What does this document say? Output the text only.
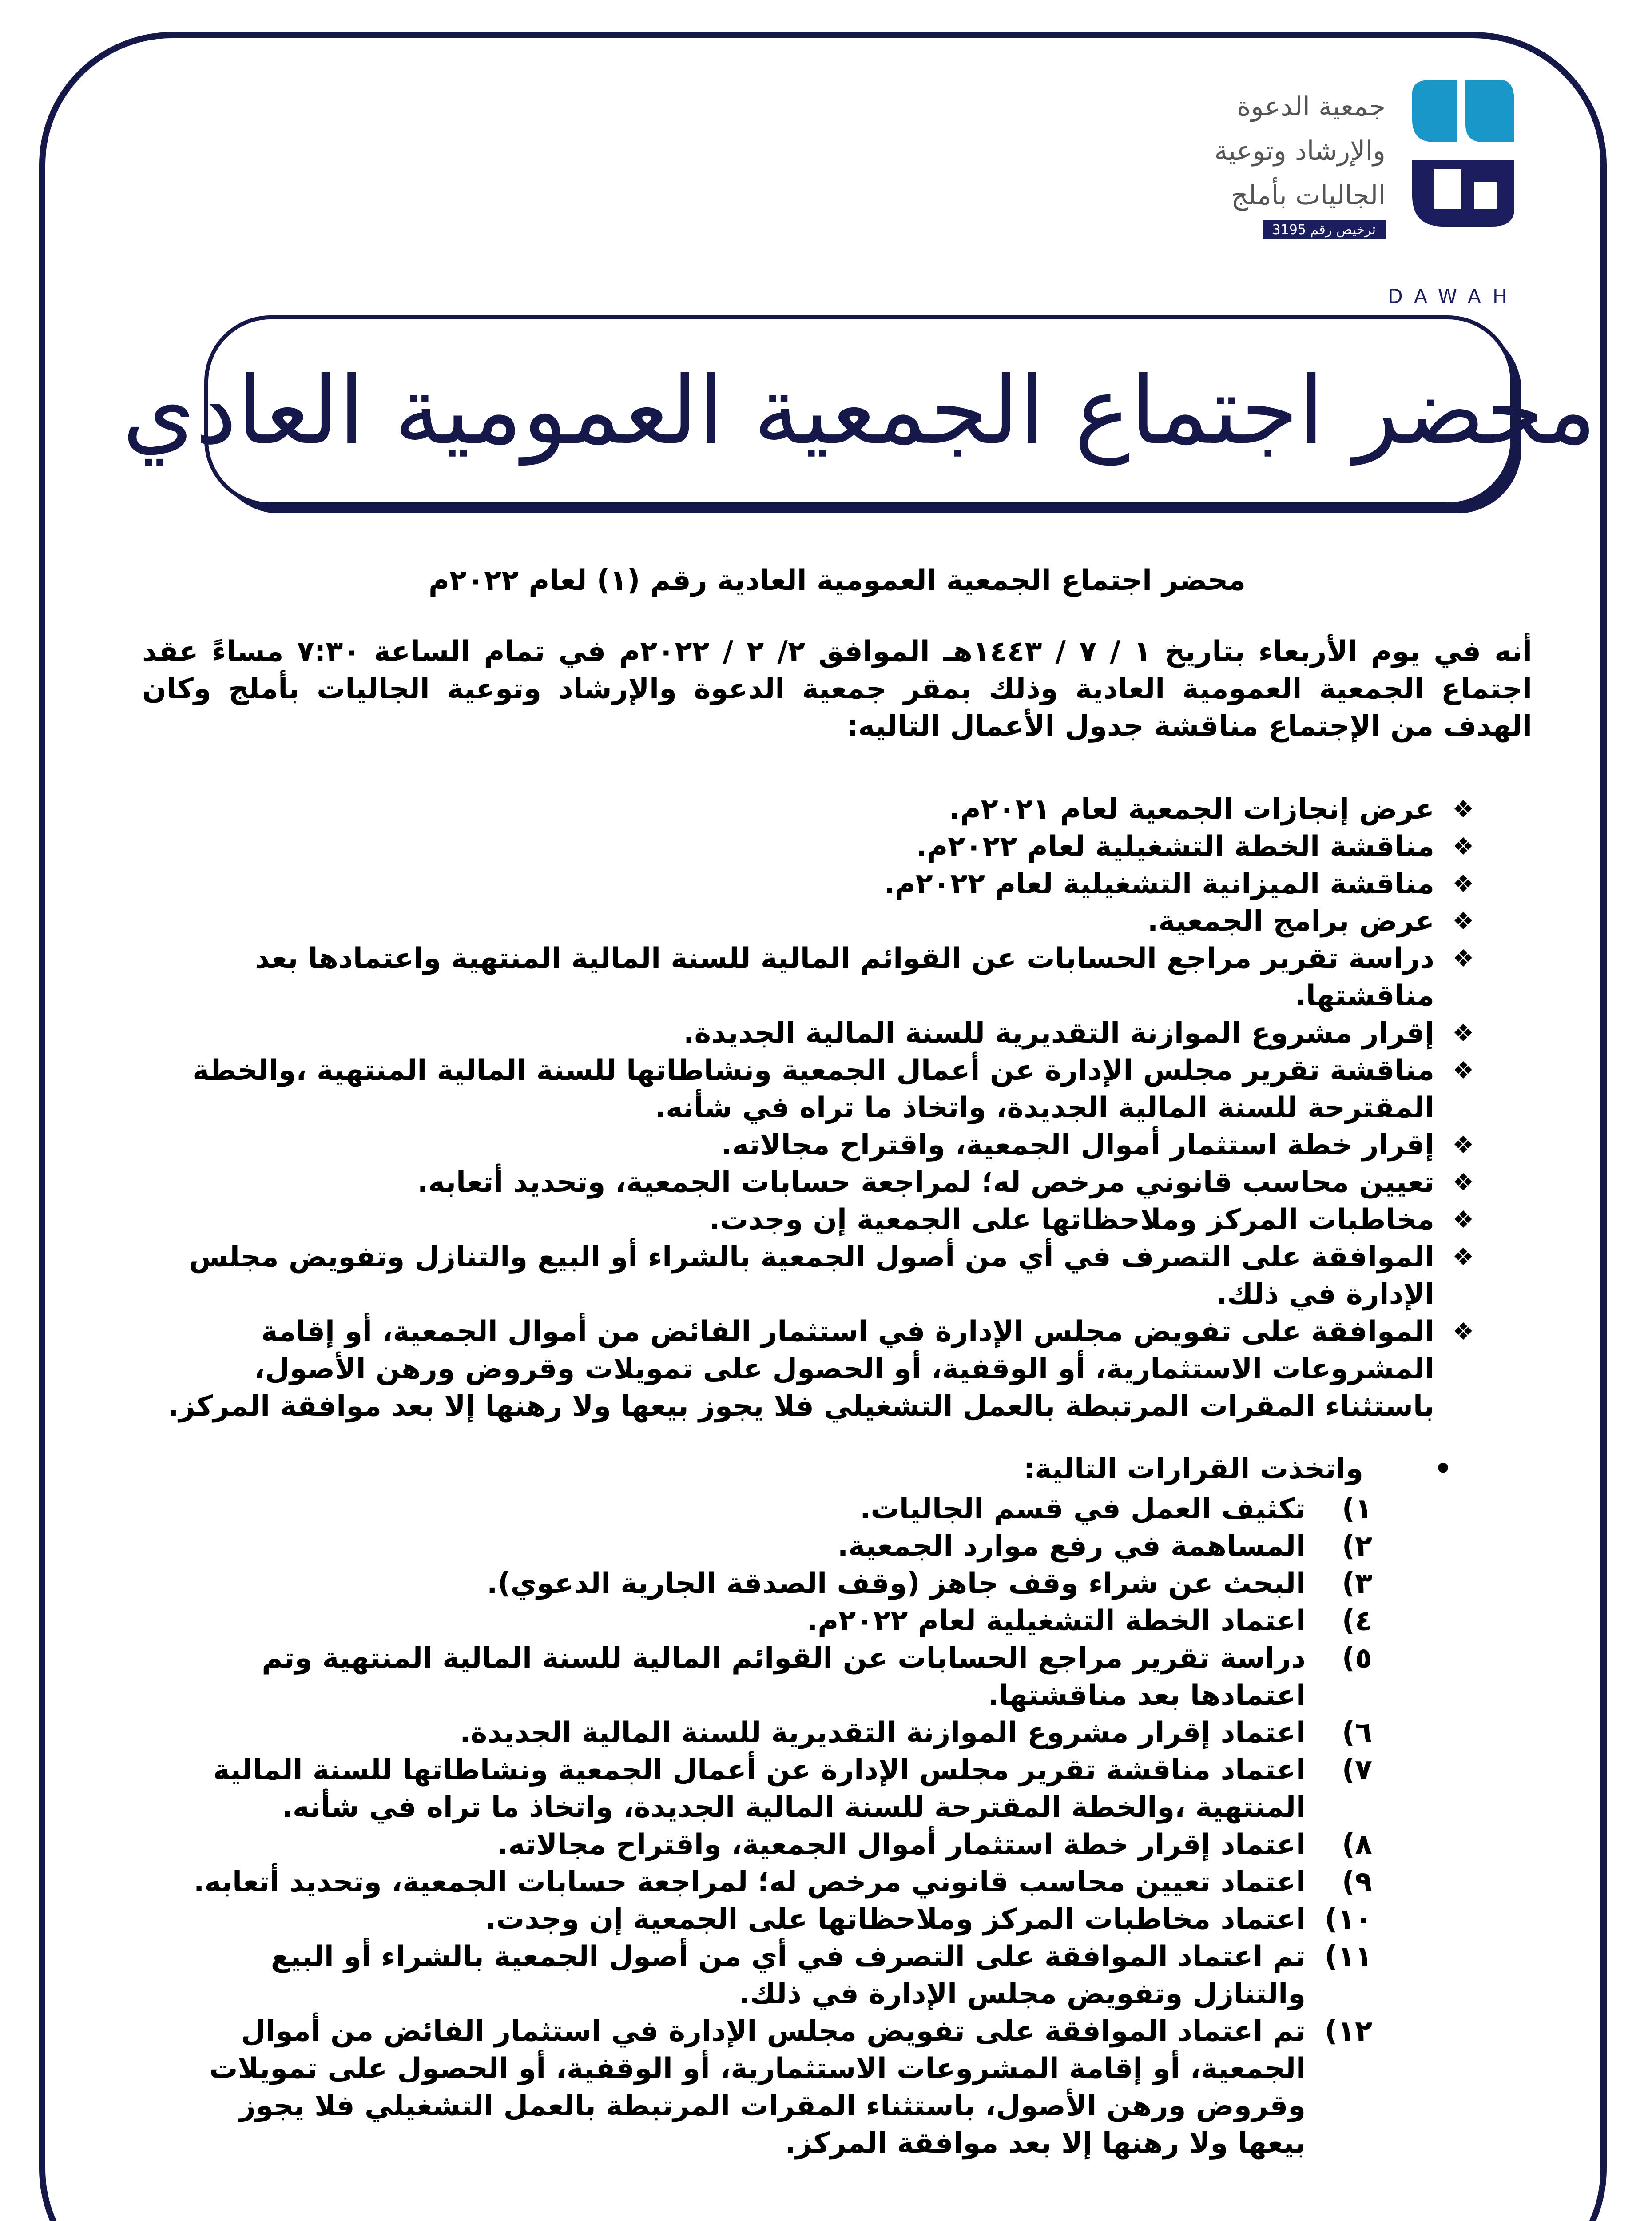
جمعية الدعوة
والإرشاد وتوعية
الجاليات بأملج
ترخيص رقم 3195
DAWAH
محضر اجتماع الجمعية العمومية العادي
محضر اجتماع الجمعية العمومية العادية رقم (١) لعام ٢٠٢٢م
أنه في يوم الأربعاء بتاريخ ١ / ٧ / ١٤٤٣هـ الموافق ٢/ ٢ / ٢٠٢٢م في تمام الساعة ٧:٣٠ مساءً عقد اجتماع الجمعية العمومية العادية وذلك بمقر جمعية الدعوة والإرشاد وتوعية الجاليات بأملج وكان الهدف من الإجتماع مناقشة جدول الأعمال التاليه:
❖
عرض إنجازات الجمعية لعام ٢٠٢١م.
❖
مناقشة الخطة التشغيلية لعام ٢٠٢٢م.
❖
مناقشة الميزانية التشغيلية لعام ٢٠٢٢م.
❖
عرض برامج الجمعية.
❖
دراسة تقرير مراجع الحسابات عن القوائم المالية للسنة المالية المنتهية واعتمادها بعد مناقشتها.
❖
إقرار مشروع الموازنة التقديرية للسنة المالية الجديدة.
❖
مناقشة تقرير مجلس الإدارة عن أعمال الجمعية ونشاطاتها للسنة المالية المنتهية ،والخطة المقترحة للسنة المالية الجديدة، واتخاذ ما تراه في شأنه.
❖
إقرار خطة استثمار أموال الجمعية، واقتراح مجالاته.
❖
تعيين محاسب قانوني مرخص له؛ لمراجعة حسابات الجمعية، وتحديد أتعابه.
❖
مخاطبات المركز وملاحظاتها على الجمعية إن وجدت.
❖
الموافقة على التصرف في أي من أصول الجمعية بالشراء أو البيع والتنازل وتفويض مجلس الإدارة في ذلك.
❖
الموافقة على تفويض مجلس الإدارة في استثمار الفائض من أموال الجمعية، أو إقامة المشروعات الاستثمارية، أو الوقفية، أو الحصول على تمويلات وقروض ورهن الأصول، باستثناء المقرات المرتبطة بالعمل التشغيلي فلا يجوز بيعها ولا رهنها إلا بعد موافقة المركز.
•
واتخذت القرارات التالية:
١)
تكثيف العمل في قسم الجاليات.
٢)
المساهمة في رفع موارد الجمعية.
٣)
البحث عن شراء وقف جاهز (وقف الصدقة الجارية الدعوي).
٤)
اعتماد الخطة التشغيلية لعام ٢٠٢٢م.
٥)
دراسة تقرير مراجع الحسابات عن القوائم المالية للسنة المالية المنتهية وتم اعتمادها بعد مناقشتها.
٦)
اعتماد إقرار مشروع الموازنة التقديرية للسنة المالية الجديدة.
٧)
اعتماد مناقشة تقرير مجلس الإدارة عن أعمال الجمعية ونشاطاتها للسنة المالية المنتهية ،والخطة المقترحة للسنة المالية الجديدة، واتخاذ ما تراه في شأنه.
٨)
اعتماد إقرار خطة استثمار أموال الجمعية، واقتراح مجالاته.
٩)
اعتماد تعيين محاسب قانوني مرخص له؛ لمراجعة حسابات الجمعية، وتحديد أتعابه.
١٠)
اعتماد مخاطبات المركز وملاحظاتها على الجمعية إن وجدت.
١١)
تم اعتماد الموافقة على التصرف في أي من أصول الجمعية بالشراء أو البيع والتنازل وتفويض مجلس الإدارة في ذلك.
١٢)
تم اعتماد الموافقة على تفويض مجلس الإدارة في استثمار الفائض من أموال الجمعية، أو إقامة المشروعات الاستثمارية، أو الوقفية، أو الحصول على تمويلات وقروض ورهن الأصول، باستثناء المقرات المرتبطة بالعمل التشغيلي فلا يجوز بيعها ولا رهنها إلا بعد موافقة المركز.
